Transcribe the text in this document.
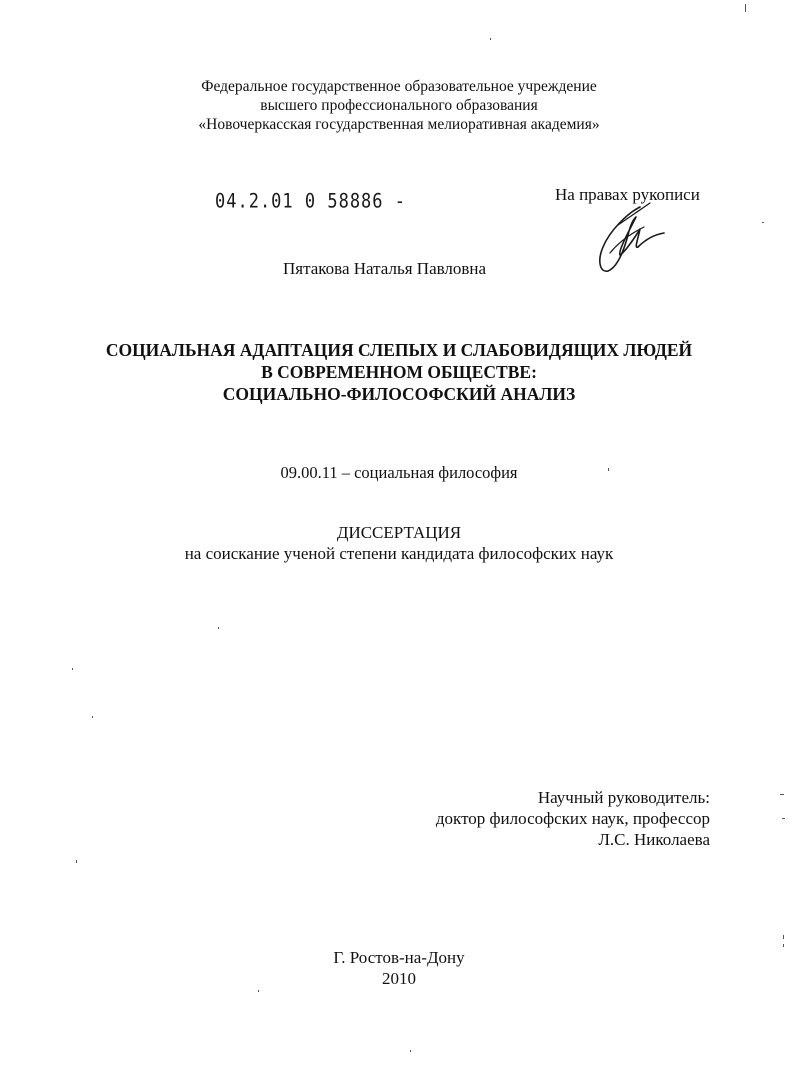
Федеральное государственное образовательное учреждение
высшего профессионального образования
«Новочеркасская государственная мелиоративная академия»
04.2.01 0 58886 -	На правах рукописи
Пятакова Наталья Павловна
СОЦИАЛЬНАЯ АДАПТАЦИЯ СЛЕПЫХ И СЛАБОВИДЯЩИХ ЛЮДЕЙ
В СОВРЕМЕННОМ ОБЩЕСТВЕ:
СОЦИАЛЬНО-ФИЛОСОФСКИЙ АНАЛИЗ
09.00.11 – социальная философия
ДИССЕРТАЦИЯ
на соискание ученой степени кандидата философских наук
Научный руководитель:
доктор философских наук, профессор
Л.С. Николаева
Г. Ростов-на-Дону
2010
